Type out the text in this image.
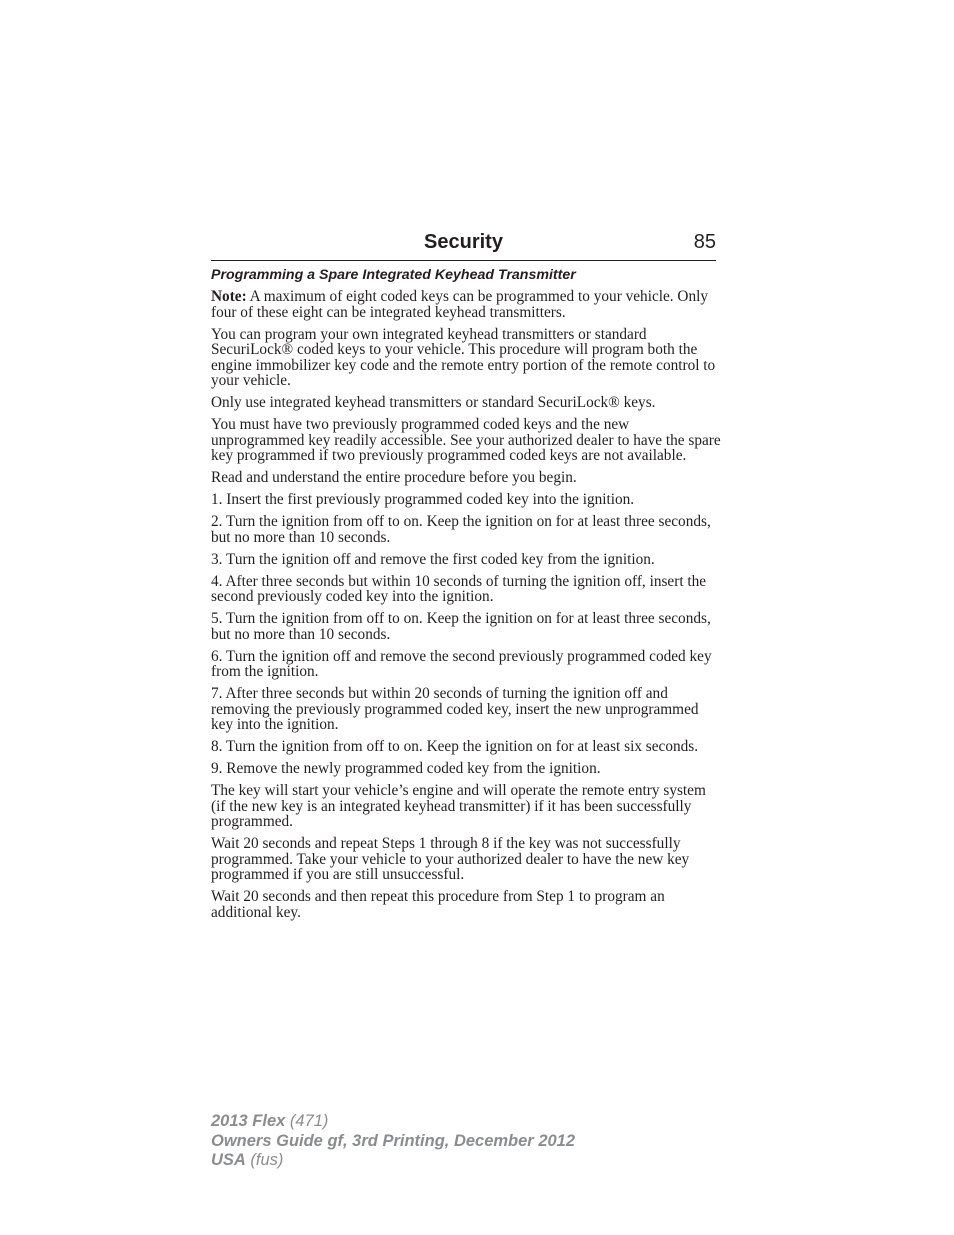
Security	85
Programming a Spare Integrated Keyhead Transmitter

Note: A maximum of eight coded keys can be programmed to your vehicle. Only four of these eight can be integrated keyhead transmitters.

You can program your own integrated keyhead transmitters or standard SecuriLock® coded keys to your vehicle. This procedure will program both the engine immobilizer key code and the remote entry portion of the remote control to your vehicle.

Only use integrated keyhead transmitters or standard SecuriLock® keys.

You must have two previously programmed coded keys and the new unprogrammed key readily accessible. See your authorized dealer to have the spare key programmed if two previously programmed coded keys are not available.

Read and understand the entire procedure before you begin.

1. Insert the first previously programmed coded key into the ignition.

2. Turn the ignition from off to on. Keep the ignition on for at least three seconds, but no more than 10 seconds.

3. Turn the ignition off and remove the first coded key from the ignition.

4. After three seconds but within 10 seconds of turning the ignition off, insert the second previously coded key into the ignition.

5. Turn the ignition from off to on. Keep the ignition on for at least three seconds, but no more than 10 seconds.

6. Turn the ignition off and remove the second previously programmed coded key from the ignition.

7. After three seconds but within 20 seconds of turning the ignition off and removing the previously programmed coded key, insert the new unprogrammed key into the ignition.

8. Turn the ignition from off to on. Keep the ignition on for at least six seconds.

9. Remove the newly programmed coded key from the ignition.

The key will start your vehicle’s engine and will operate the remote entry system (if the new key is an integrated keyhead transmitter) if it has been successfully programmed.

Wait 20 seconds and repeat Steps 1 through 8 if the key was not successfully programmed. Take your vehicle to your authorized dealer to have the new key programmed if you are still unsuccessful.

Wait 20 seconds and then repeat this procedure from Step 1 to program an additional key.

2013 Flex (471)
Owners Guide gf, 3rd Printing, December 2012
USA (fus)
